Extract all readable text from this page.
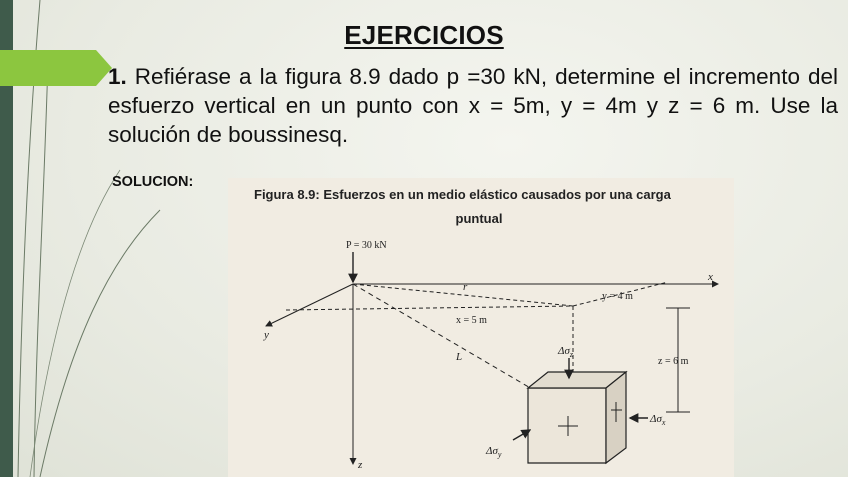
EJERCICIOS
1. Refiérase a la figura 8.9 dado p =30 kN, determine el incremento del esfuerzo vertical en un punto con x = 5m, y = 4m y z = 6 m. Use la solución de boussinesq.
SOLUCION:
Figura 8.9: Esfuerzos en un medio elástico causados por una carga
puntual
P = 30 kN
x
y
z
r
x = 5 m
y = 4 m
L	z = 6 m
$\Delta\sigma_z$
$\Delta\sigma_x$
$\Delta\sigma_y$
